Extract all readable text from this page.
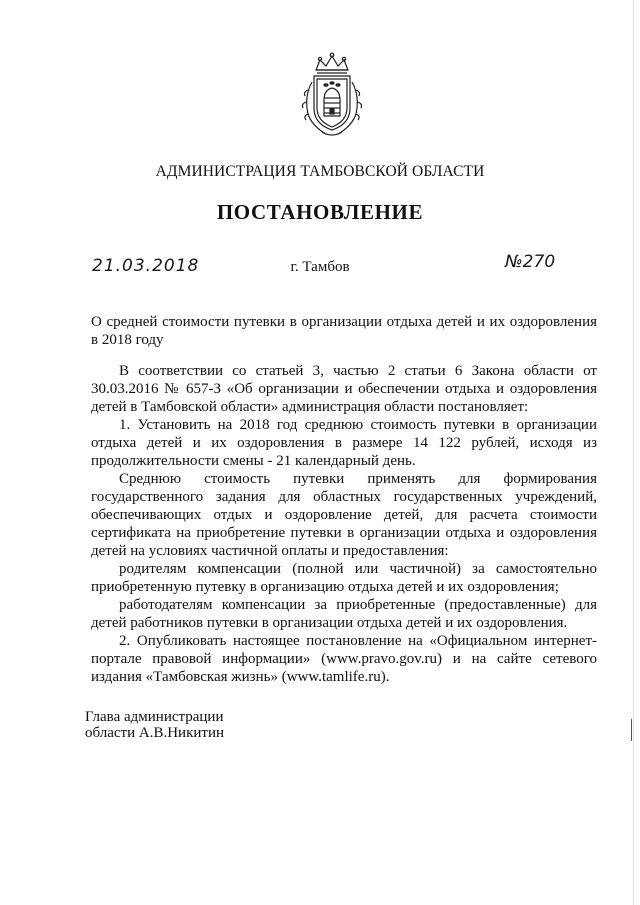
АДМИНИСТРАЦИЯ ТАМБОВСКОЙ ОБЛАСТИ
ПОСТАНОВЛЕНИЕ
21.03.2018	г. Тамбов	№270
О средней стоимости путевки в организации отдыха детей и их оздоровления в 2018 году

В соответствии со статьей 3, частью 2 статьи 6 Закона области от 30.03.2016 № 657-З «Об организации и обеспечении отдыха и оздоровления детей в Тамбовской области» администрация области постановляет:

1. Установить на 2018 год среднюю стоимость путевки в организации отдыха детей и их оздоровления в размере 14 122 рублей, исходя из продолжительности смены - 21 календарный день.

Среднюю стоимость путевки применять для формирования государственного задания для областных государственных учреждений, обеспечивающих отдых и оздоровление детей, для расчета стоимости сертификата на приобретение путевки в организации отдыха и оздоровления детей на условиях частичной оплаты и предоставления:

родителям компенсации (полной или частичной) за самостоятельно приобретенную путевку в организацию отдыха детей и их оздоровления;

работодателям компенсации за приобретенные (предоставленные) для детей работников путевки в организации отдыха детей и их оздоровления.

2. Опубликовать настоящее постановление на «Официальном интернет-портале правовой информации» (www.pravo.gov.ru) и на сайте сетевого издания «Тамбовская жизнь» (www.tamlife.ru).

Глава администрации
области А.В.Никитин
